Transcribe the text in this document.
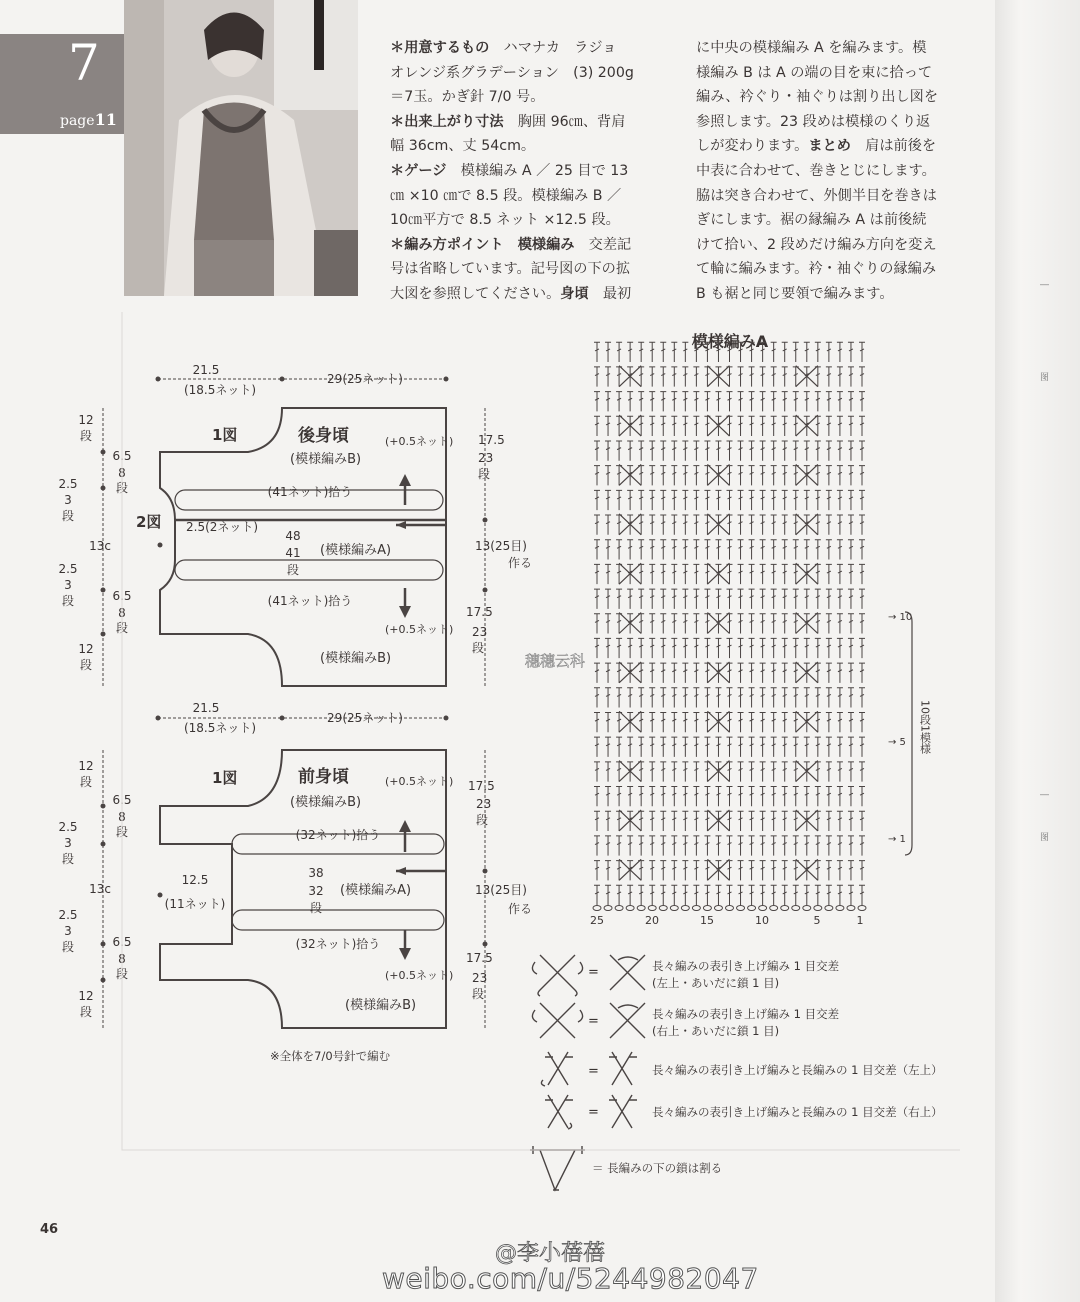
―
图
―
图
7
page11
＊用意するもの　ハマナカ　ラジョ
オレンジ系グラデーション　(3) 200g
＝7玉。かぎ針 7/0 号。
＊出来上がり寸法　胸囲 96㎝、背肩
幅 36cm、丈 54cm。
＊ゲージ　模様編み A ／ 25 目で 13
㎝ ×10 ㎝で 8.5 段。模様編み B ／
10㎝平方で 8.5 ネット ×12.5 段。
＊編み方ポイント　模様編み　交差記
号は省略しています。記号図の下の拡
大図を参照してください。身頃　最初
に中央の模様編み A を編みます。模
様編み B は A の端の目を束に拾って
編み、衿ぐり・袖ぐりは割り出し図を
参照します。23 段めは模様のくり返
しが変わります。まとめ　肩は前後を
中表に合わせて、巻きとじにします。
脇は突き合わせて、外側半目を巻きは
ぎにします。裾の縁編み A は前後続
けて拾い、2 段めだけ編み方向を変え
て輪に編みます。衿・袖ぐりの縁編み
B も裾と同じ要領で編みます。
21.5
(18.5ネット)
29(25ネット)
1図	後身頃	(+0.5ネット)
(模様編みB)
(41ネット)拾う
2図 2.5(2ネット)
48
41
段
(模様編みA)
(41ネット)拾う
(+0.5ネット)
(模様編みB)
17.5
23
段
13(25目)
作る
17.5
23
段
21.5
(18.5ネット)
29(25ネット)
1図	前身頃	(+0.5ネット)
(模様編みB)
(32ネット)拾う
12.5
(11ネット)
38
32
段
(模様編みA)
(32ネット)拾う
(+0.5ネット)
(模様編みB)
17.5
23
段
13(25目)
作る
17.5
23
段
12
段
6.5
8
段
2.5
3
段
13c
2.5
3
段	6.5
8
段
12
段
12
段
6.5
8
段
2.5
3
段
13c
2.5
3
段	6.5
8
段
12
段
模様編みA
25	20	15	10	5	1
→ 10
→ 5
→ 1
10段1模様
=
=
=
=
長々編みの表引き上げ編み 1 目交差
(左上・あいだに鎖 1 目)
長々編みの表引き上げ編み 1 目交差
(右上・あいだに鎖 1 目)
長々編みの表引き上げ編みと長編みの 1 目交差（左上）
長々編みの表引き上げ編みと長編みの 1 目交差（右上）
＝ 長編みの下の鎖は割る
※全体を7/0号針で編む
穗穗云科
46
@李小蓓蓓
weibo.com/u/5244982047
